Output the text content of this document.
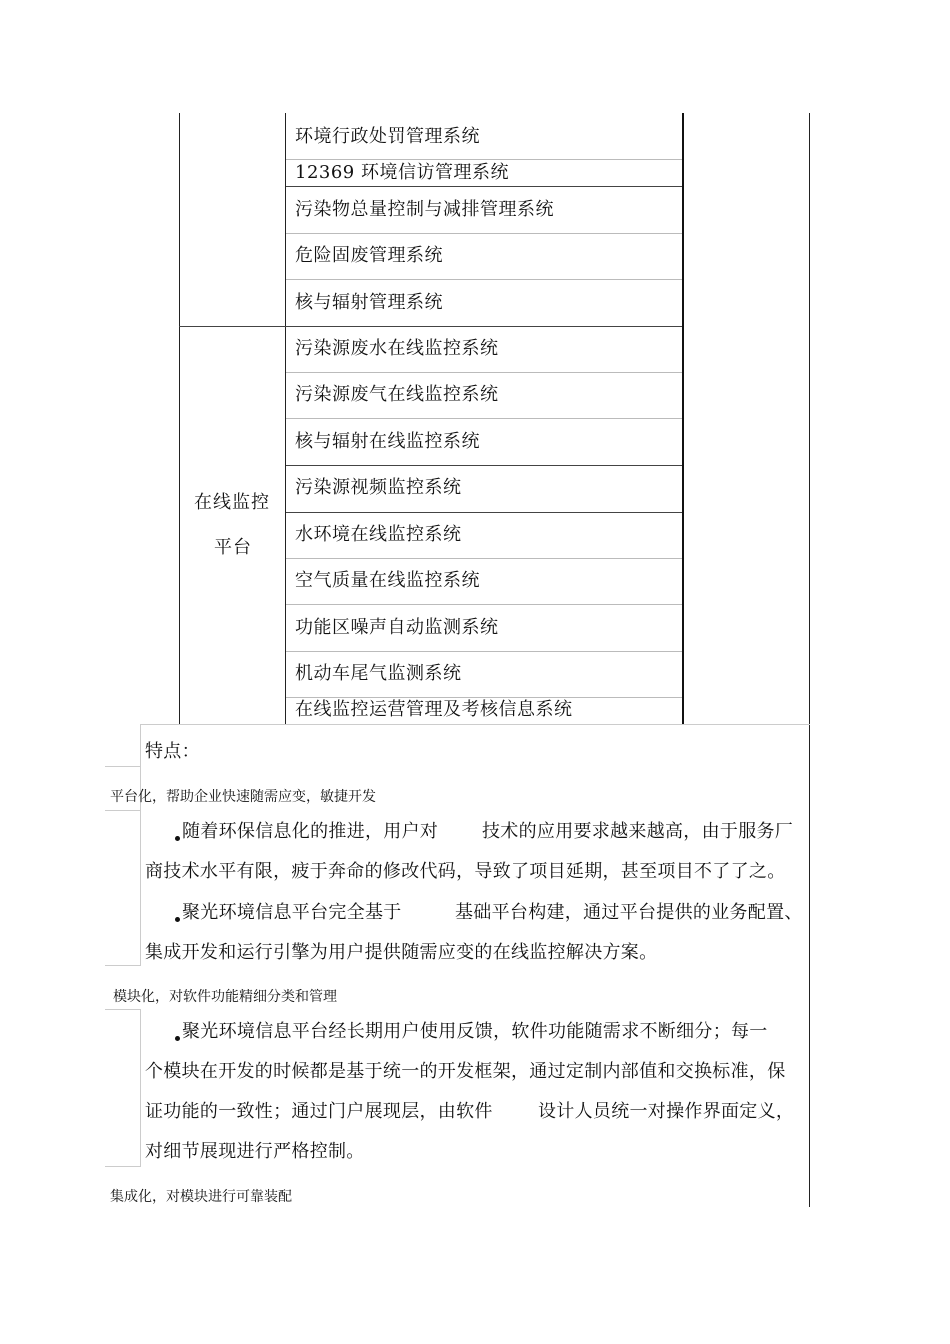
环境行政处罚管理系统
12369 环境信访管理系统
污染物总量控制与减排管理系统
危险固废管理系统
核与辐射管理系统
在线监控
平台
污染源废水在线监控系统
污染源废气在线监控系统
核与辐射在线监控系统
污染源视频监控系统
水环境在线监控系统
空气质量在线监控系统
功能区噪声自动监测系统
机动车尾气监测系统
在线监控运营管理及考核信息系统
特点：
平台化，帮助企业快速随需应变，敏捷开发
随着环保信息化的推进，用户对 技术的应用要求越来越高，由于服务厂
商技术水平有限，疲于奔命的修改代码，导致了项目延期，甚至项目不了了之。
聚光环境信息平台完全基于	基础平台构建，通过平台提供的业务配置、
集成开发和运行引擎为用户提供随需应变的在线监控解决方案。
模块化，对软件功能精细分类和管理
聚光环境信息平台经长期用户使用反馈，软件功能随需求不断细分；每一
个模块在开发的时候都是基于统一的开发框架，通过定制内部值和交换标准，保
证功能的一致性；通过门户展现层，由软件	设计人员统一对操作界面定义，
对细节展现进行严格控制。
集成化，对模块进行可靠装配
